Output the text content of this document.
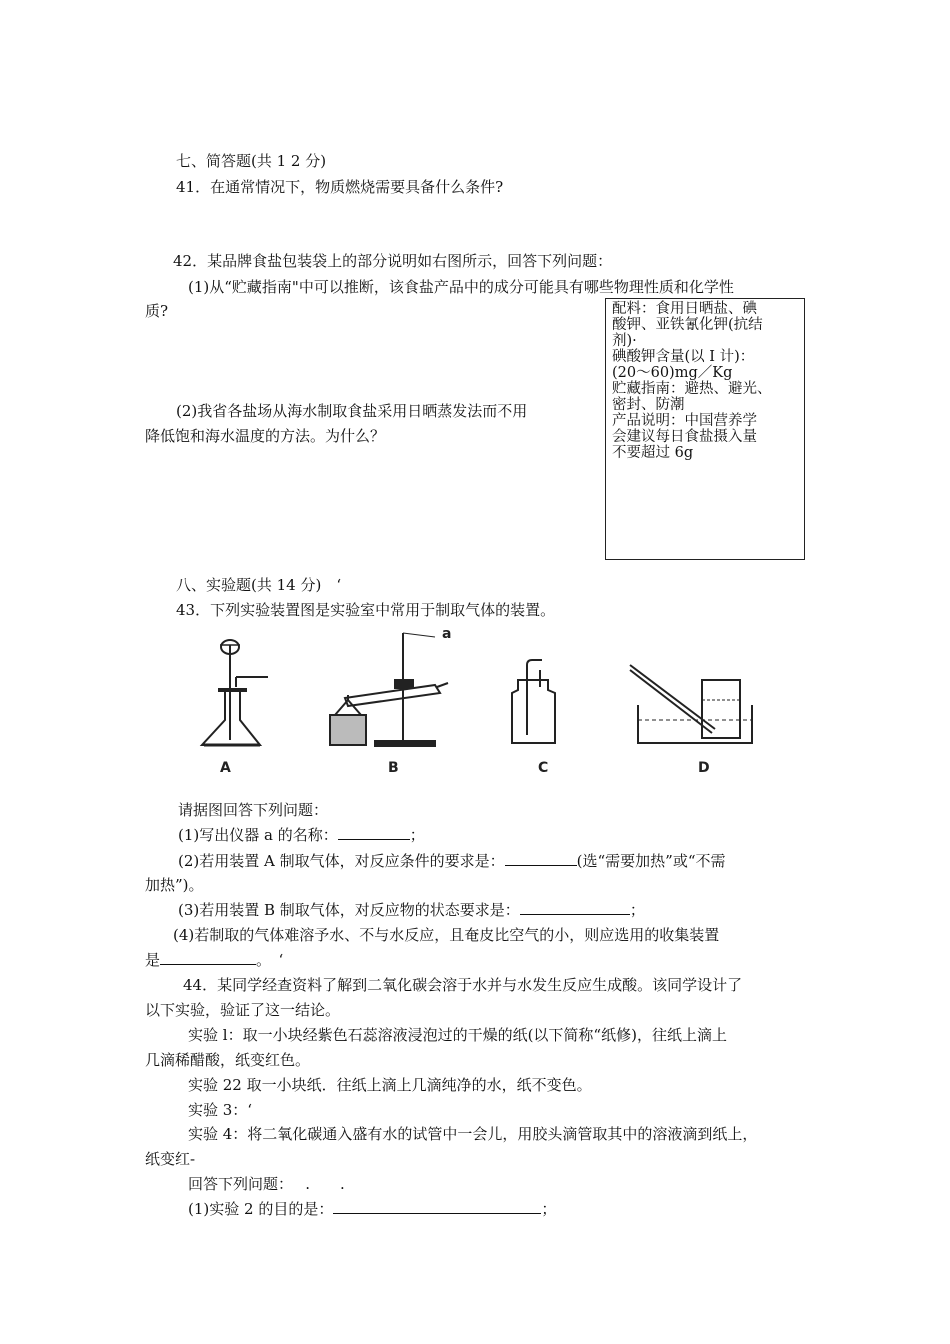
七、简答题(共 1 2 分)
41．在通常情况下，物质燃烧需要具备什么条件?
42．某品牌食盐包装袋上的部分说明如右图所示，回答下列问题：
(1)从“贮藏指南"中可以推断，该食盐产品中的成分可能具有哪些物理性质和化学性
质?	配料：食用日晒盐、碘
酸钾、亚铁氰化钾(抗结
剂)·
碘酸钾含量(以 I 计)：
(20～60)mg／Kg
贮藏指南：避热、避光、
密封、防潮
产品说明：中国营养学
会建议每日食盐摄入量
不要超过 6g
(2)我省各盐场从海水制取食盐采用日晒蒸发法而不用
降低饱和海水温度的方法。为什么？
八、实验题(共 14 分)　‘
43．下列实验装置图是实验室中常用于制取气体的装置。
a
A	B	C	D
请据图回答下列问题：
(1)写出仪器 a 的名称：	；
(2)若用装置 A 制取气体，对反应条件的要求是：	(选“需要加热”或“不需
加热”)。
(3)若用装置 B 制取气体，对反应物的状态要求是：	；
(4)若制取的气体难溶予水、不与水反应，且奄皮比空气的小，则应选用的收集装置
是	。　‘
44．某同学经查资料了解到二氧化碳会溶于水并与水发生反应生成酸。该同学设计了
以下实验，验证了这一结论。
实验 l：取一小块经紫色石蕊溶液浸泡过的干燥的纸(以下简称“纸修)，往纸上滴上
几滴稀醋酸，纸变红色。
实验 22 取一小块纸．往纸上滴上几滴纯净的水，纸不变色。
实验 3：‘
实验 4：将二氧化碳通入盛有水的试管中一会儿，用胶头滴管取其中的溶液滴到纸上，
纸变红-
回答下列问题：　 .　　.
(1)实验 2 的目的是：	；
